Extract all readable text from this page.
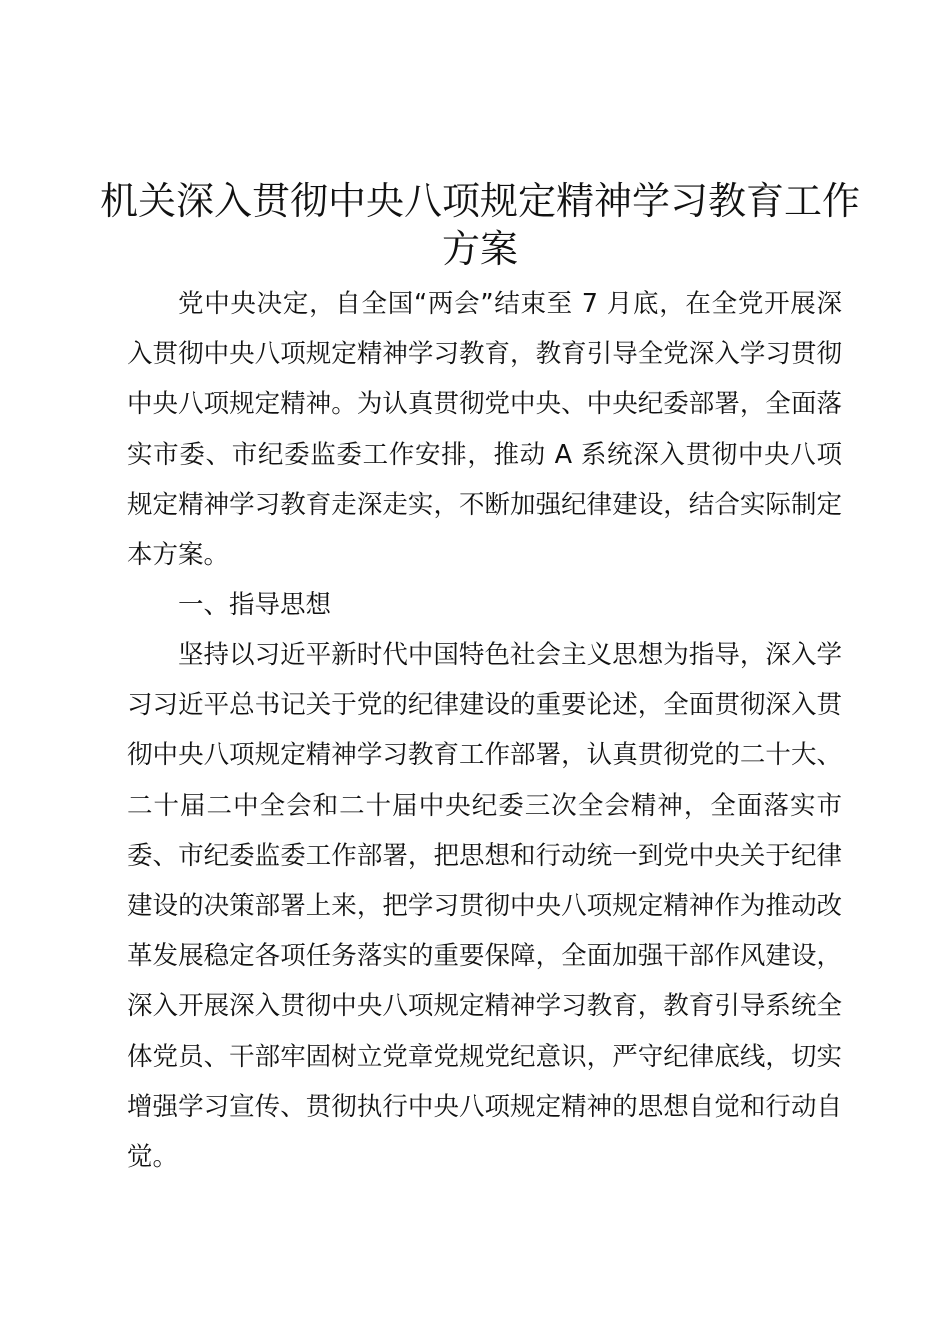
机关深入贯彻中央八项规定精神学习教育工作方案

党中央决定，自全国“两会”结束至 7 月底，在全党开展深入贯彻中央八项规定精神学习教育，教育引导全党深入学习贯彻中央八项规定精神。为认真贯彻党中央、中央纪委部署，全面落实市委、市纪委监委工作安排，推动 A 系统深入贯彻中央八项规定精神学习教育走深走实，不断加强纪律建设，结合实际制定本方案。

一、指导思想

坚持以习近平新时代中国特色社会主义思想为指导，深入学习习近平总书记关于党的纪律建设的重要论述，全面贯彻深入贯彻中央八项规定精神学习教育工作部署，认真贯彻党的二十大、二十届二中全会和二十届中央纪委三次全会精神，全面落实市委、市纪委监委工作部署，把思想和行动统一到党中央关于纪律建设的决策部署上来，把学习贯彻中央八项规定精神作为推动改革发展稳定各项任务落实的重要保障，全面加强干部作风建设，深入开展深入贯彻中央八项规定精神学习教育，教育引导系统全体党员、干部牢固树立党章党规党纪意识，严守纪律底线，切实增强学习宣传、贯彻执行中央八项规定精神的思想自觉和行动自觉。
